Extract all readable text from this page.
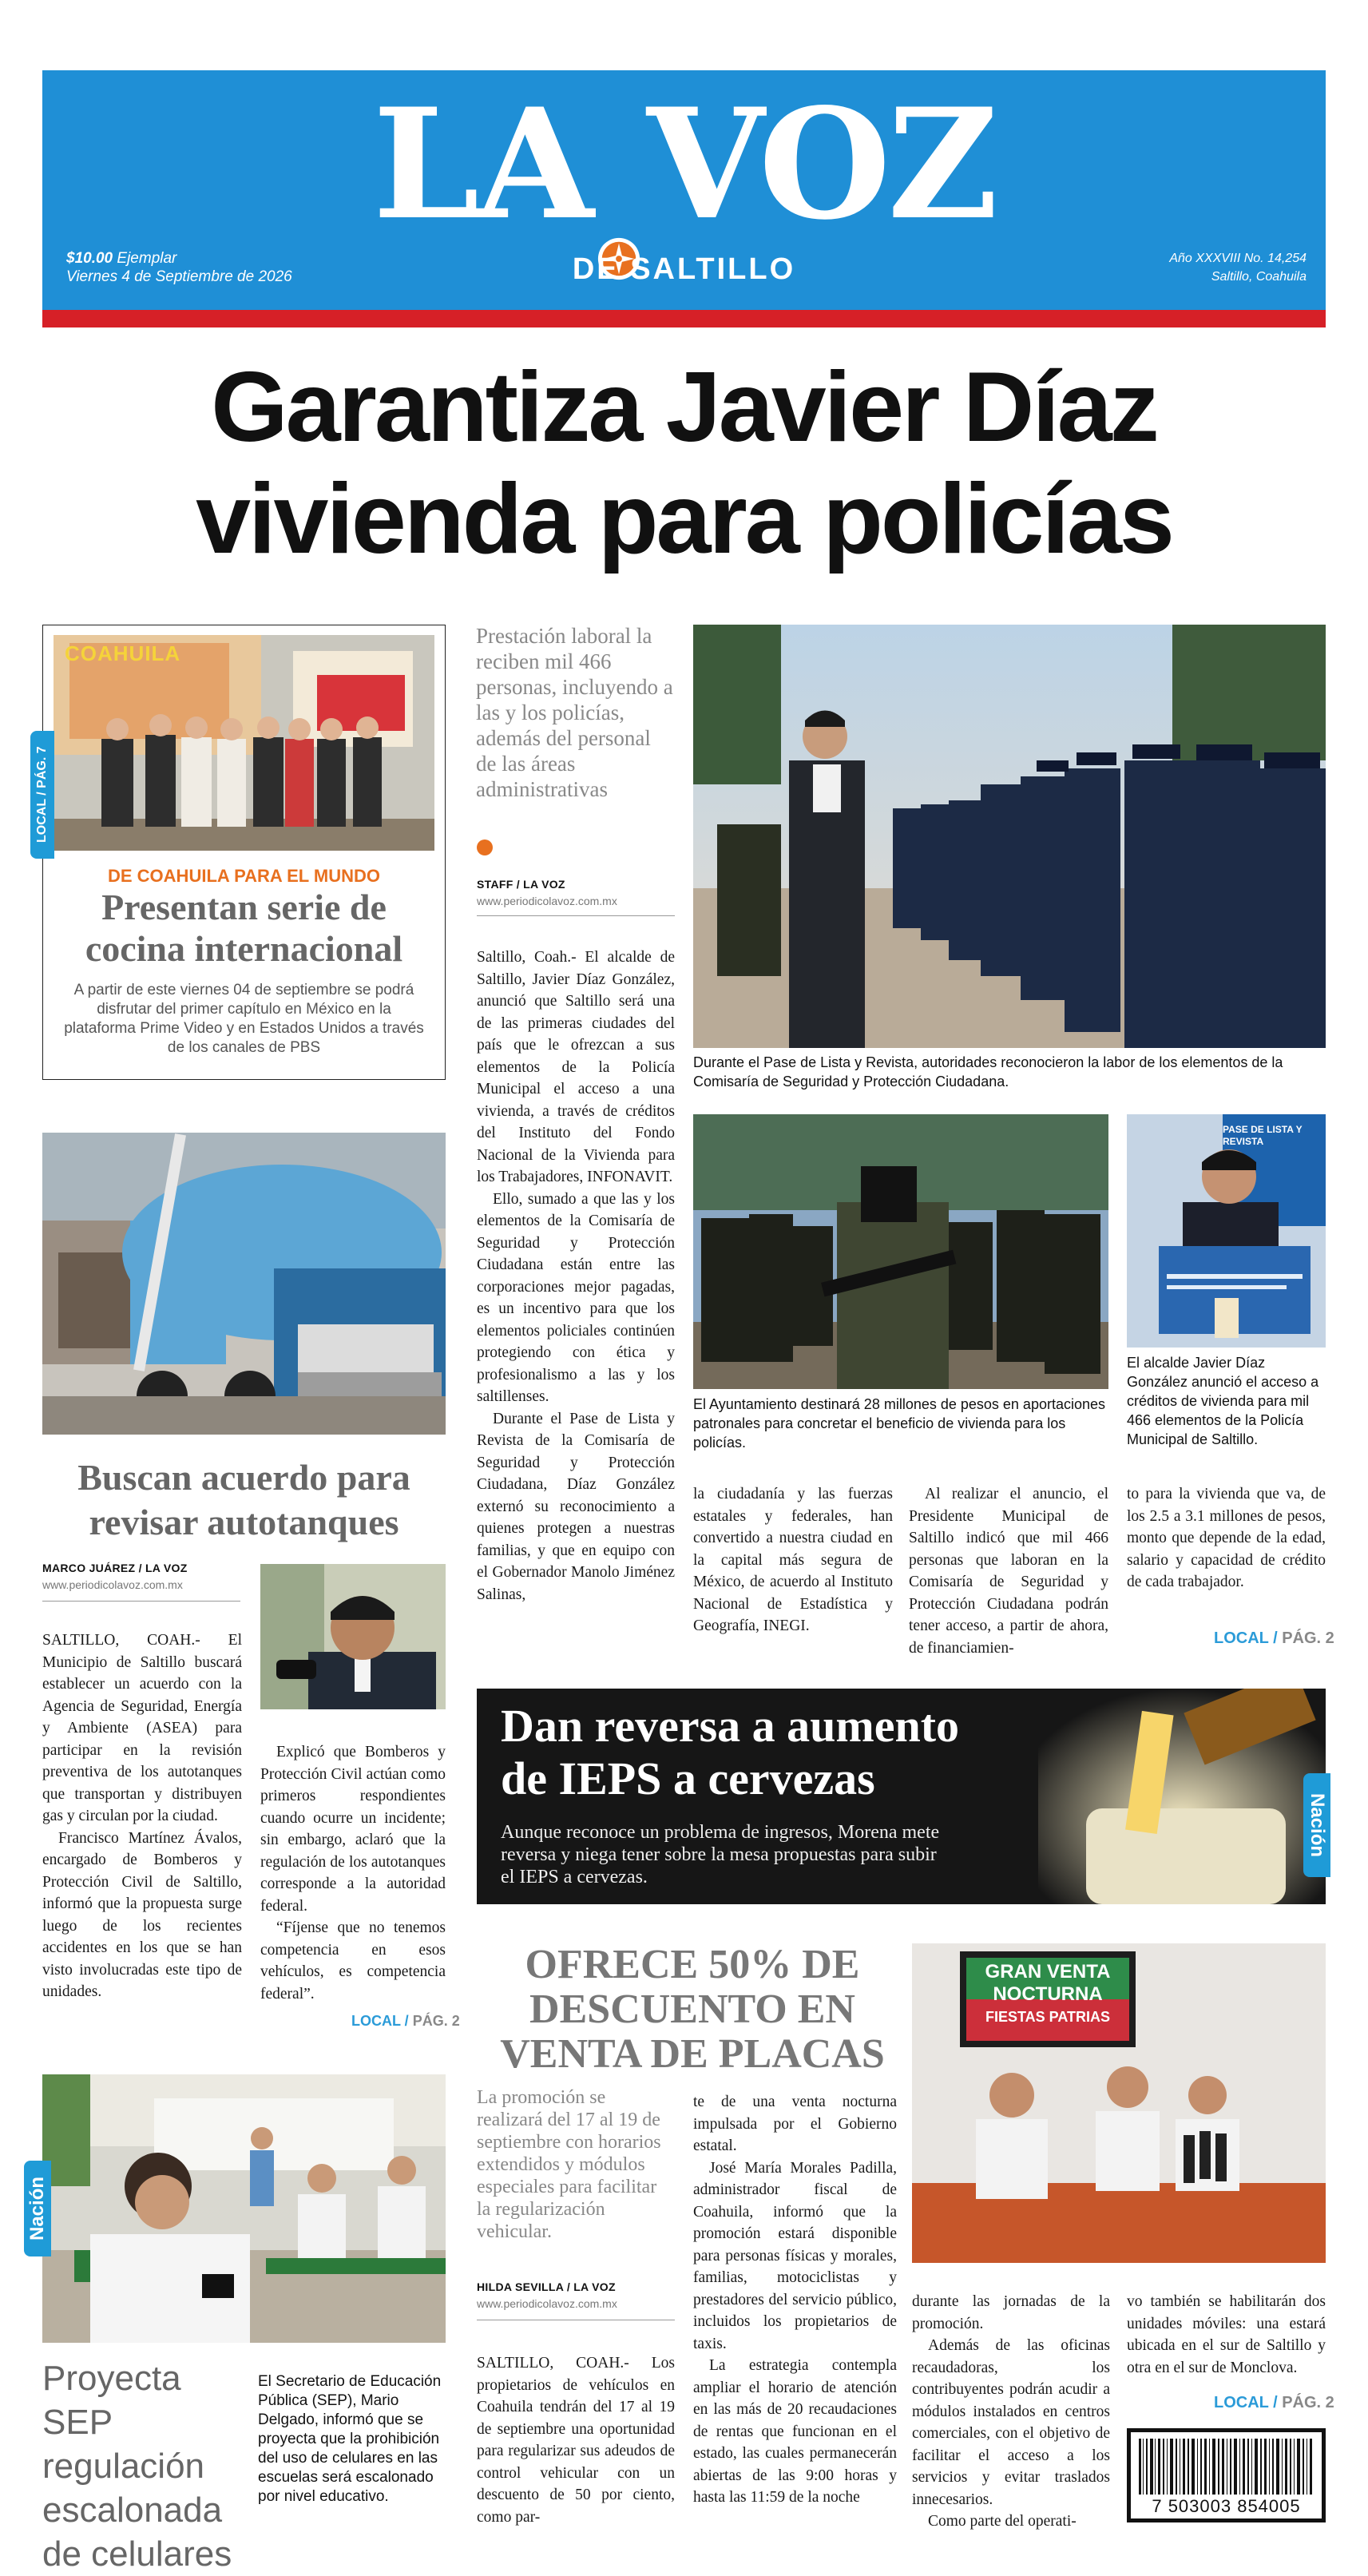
LA VOZ
DE SALTILLO
$10.00 Ejemplar
Viernes 4 de Septiembre de 2026
Año XXXVIII No. 14,254
Saltillo, Coahuila
Garantiza Javier Díaz
vivienda para policías
COAHUILA
LOCAL / PÁG. 7
DE COAHUILA PARA EL MUNDO
Presentan serie de cocina internacional
A partir de este viernes 04 de septiembre se podrá disfrutar del primer capítulo en México en la plataforma Prime Video y en Estados Unidos a través de los canales de PBS
Prestación laboral la reciben mil 466 personas, incluyendo a las y los policías, además del personal de las áreas administrativas
STAFF / LA VOZ
www.periodicolavoz.com.mx

Saltillo, Coah.- El alcalde de Saltillo, Javier Díaz González, anunció que Saltillo será una de las primeras ciudades del país que le ofrezcan a sus elementos de la Policía Municipal el acceso a una vivienda, a través de créditos del Instituto del Fondo Nacional de la Vivienda para los Trabajadores, INFONAVIT.

Ello, sumado a que las y los elementos de la Comisaría de Seguridad y Protección Ciudadana están entre las corporaciones mejor pagadas, es un incentivo para que los elementos policiales continúen protegiendo con ética y profesionalismo a las y los saltillenses.

Durante el Pase de Lista y Revista de la Comisaría de Seguridad y Protección Ciudadana, Díaz González externó su reconocimiento a quienes protegen a nuestras familias, y que en equipo con el Gobernador Manolo Jiménez Salinas,

Durante el Pase de Lista y Revista, autoridades reconocieron la labor de los elementos de la Comisaría de Seguridad y Protección Ciudadana.
El Ayuntamiento destinará 28 millones de pesos en aportaciones patronales para concretar el beneficio de vivienda para los policías.
PASE DE LISTA Y REVISTA
El alcalde Javier Díaz González anunció el acceso a créditos de vivienda para mil 466 elementos de la Policía Municipal de Saltillo.

la ciudadanía y las fuerzas estatales y federales, han convertido a nuestra ciudad en la capital más segura de México, de acuerdo al Instituto Nacional de Estadística y Geografía, INEGI.

Al realizar el anuncio, el Presidente Municipal de Saltillo indicó que mil 466 personas que laboran en la Comisaría de Seguridad y Protección Ciudadana podrán tener acceso, a partir de ahora, de financiamien-

to para la vivienda que va, de los 2.5 a 3.1 millones de pesos, monto que depende de la edad, salario y capacidad de crédito de cada trabajador.

LOCAL / PÁG. 2
Buscan acuerdo para revisar autotanques
MARCO JUÁREZ / LA VOZ
www.periodicolavoz.com.mx

SALTILLO, COAH.- El Municipio de Saltillo buscará establecer un acuerdo con la Agencia de Seguridad, Energía y Ambiente (ASEA) para participar en la revisión preventiva de los autotanques que transportan y distribuyen gas y circulan por la ciudad.

Francisco Martínez Ávalos, encargado de Bomberos y Protección Civil de Saltillo, informó que la propuesta surge luego de los recientes accidentes en los que se han visto involucradas este tipo de unidades.

Explicó que Bomberos y Protección Civil actúan como primeros respondientes cuando ocurre un incidente; sin embargo, aclaró que la regulación de los autotanques corresponde a la autoridad federal.

“Fíjense que no tenemos competencia en esos vehículos, es competencia federal”.

LOCAL / PÁG. 2
Dan reversa a aumento
de IEPS a cervezas
Aunque reconoce un problema de ingresos, Morena mete reversa y niega tener sobre la mesa propuestas para subir el IEPS a cervezas.
Nación
OFRECE 50% DE DESCUENTO EN VENTA DE PLACAS
La promoción se realizará del 17 al 19 de septiembre con horarios extendidos y módulos especiales para facilitar la regularización vehicular.
HILDA SEVILLA / LA VOZ
www.periodicolavoz.com.mx
GRAN VENTA
NOCTURNA
FIESTAS PATRIAS

SALTILLO, COAH.- Los propietarios de vehículos en Coahuila tendrán del 17 al 19 de septiembre una oportunidad para regularizar sus adeudos de control vehicular con un descuento de 50 por ciento, como par-

te de una venta nocturna impulsada por el Gobierno estatal.

José María Morales Padilla, administrador fiscal de Coahuila, informó que la promoción estará disponible para personas físicas y morales, familias, motociclistas y prestadores del servicio público, incluidos los propietarios de taxis.

La estrategia contempla ampliar el horario de atención en las más de 20 recaudaciones de rentas que funcionan en el estado, las cuales permanecerán abiertas de las 9:00 horas y hasta las 11:59 de la noche

durante las jornadas de la promoción.

Además de las oficinas recaudadoras, los contribuyentes podrán acudir a módulos instalados en centros comerciales, con el objetivo de facilitar el acceso a los servicios y evitar traslados innecesarios.

Como parte del operati-

vo también se habilitarán dos unidades móviles: una estará ubicada en el sur de Saltillo y otra en el sur de Monclova.

LOCAL / PÁG. 2
7 503003 854005
Nación
Proyecta SEP regulación escalonada de celulares
El Secretario de Educación Pública (SEP), Mario Delgado, informó que se proyecta que la prohibición del uso de celulares en las escuelas será escalonado por nivel educativo.
